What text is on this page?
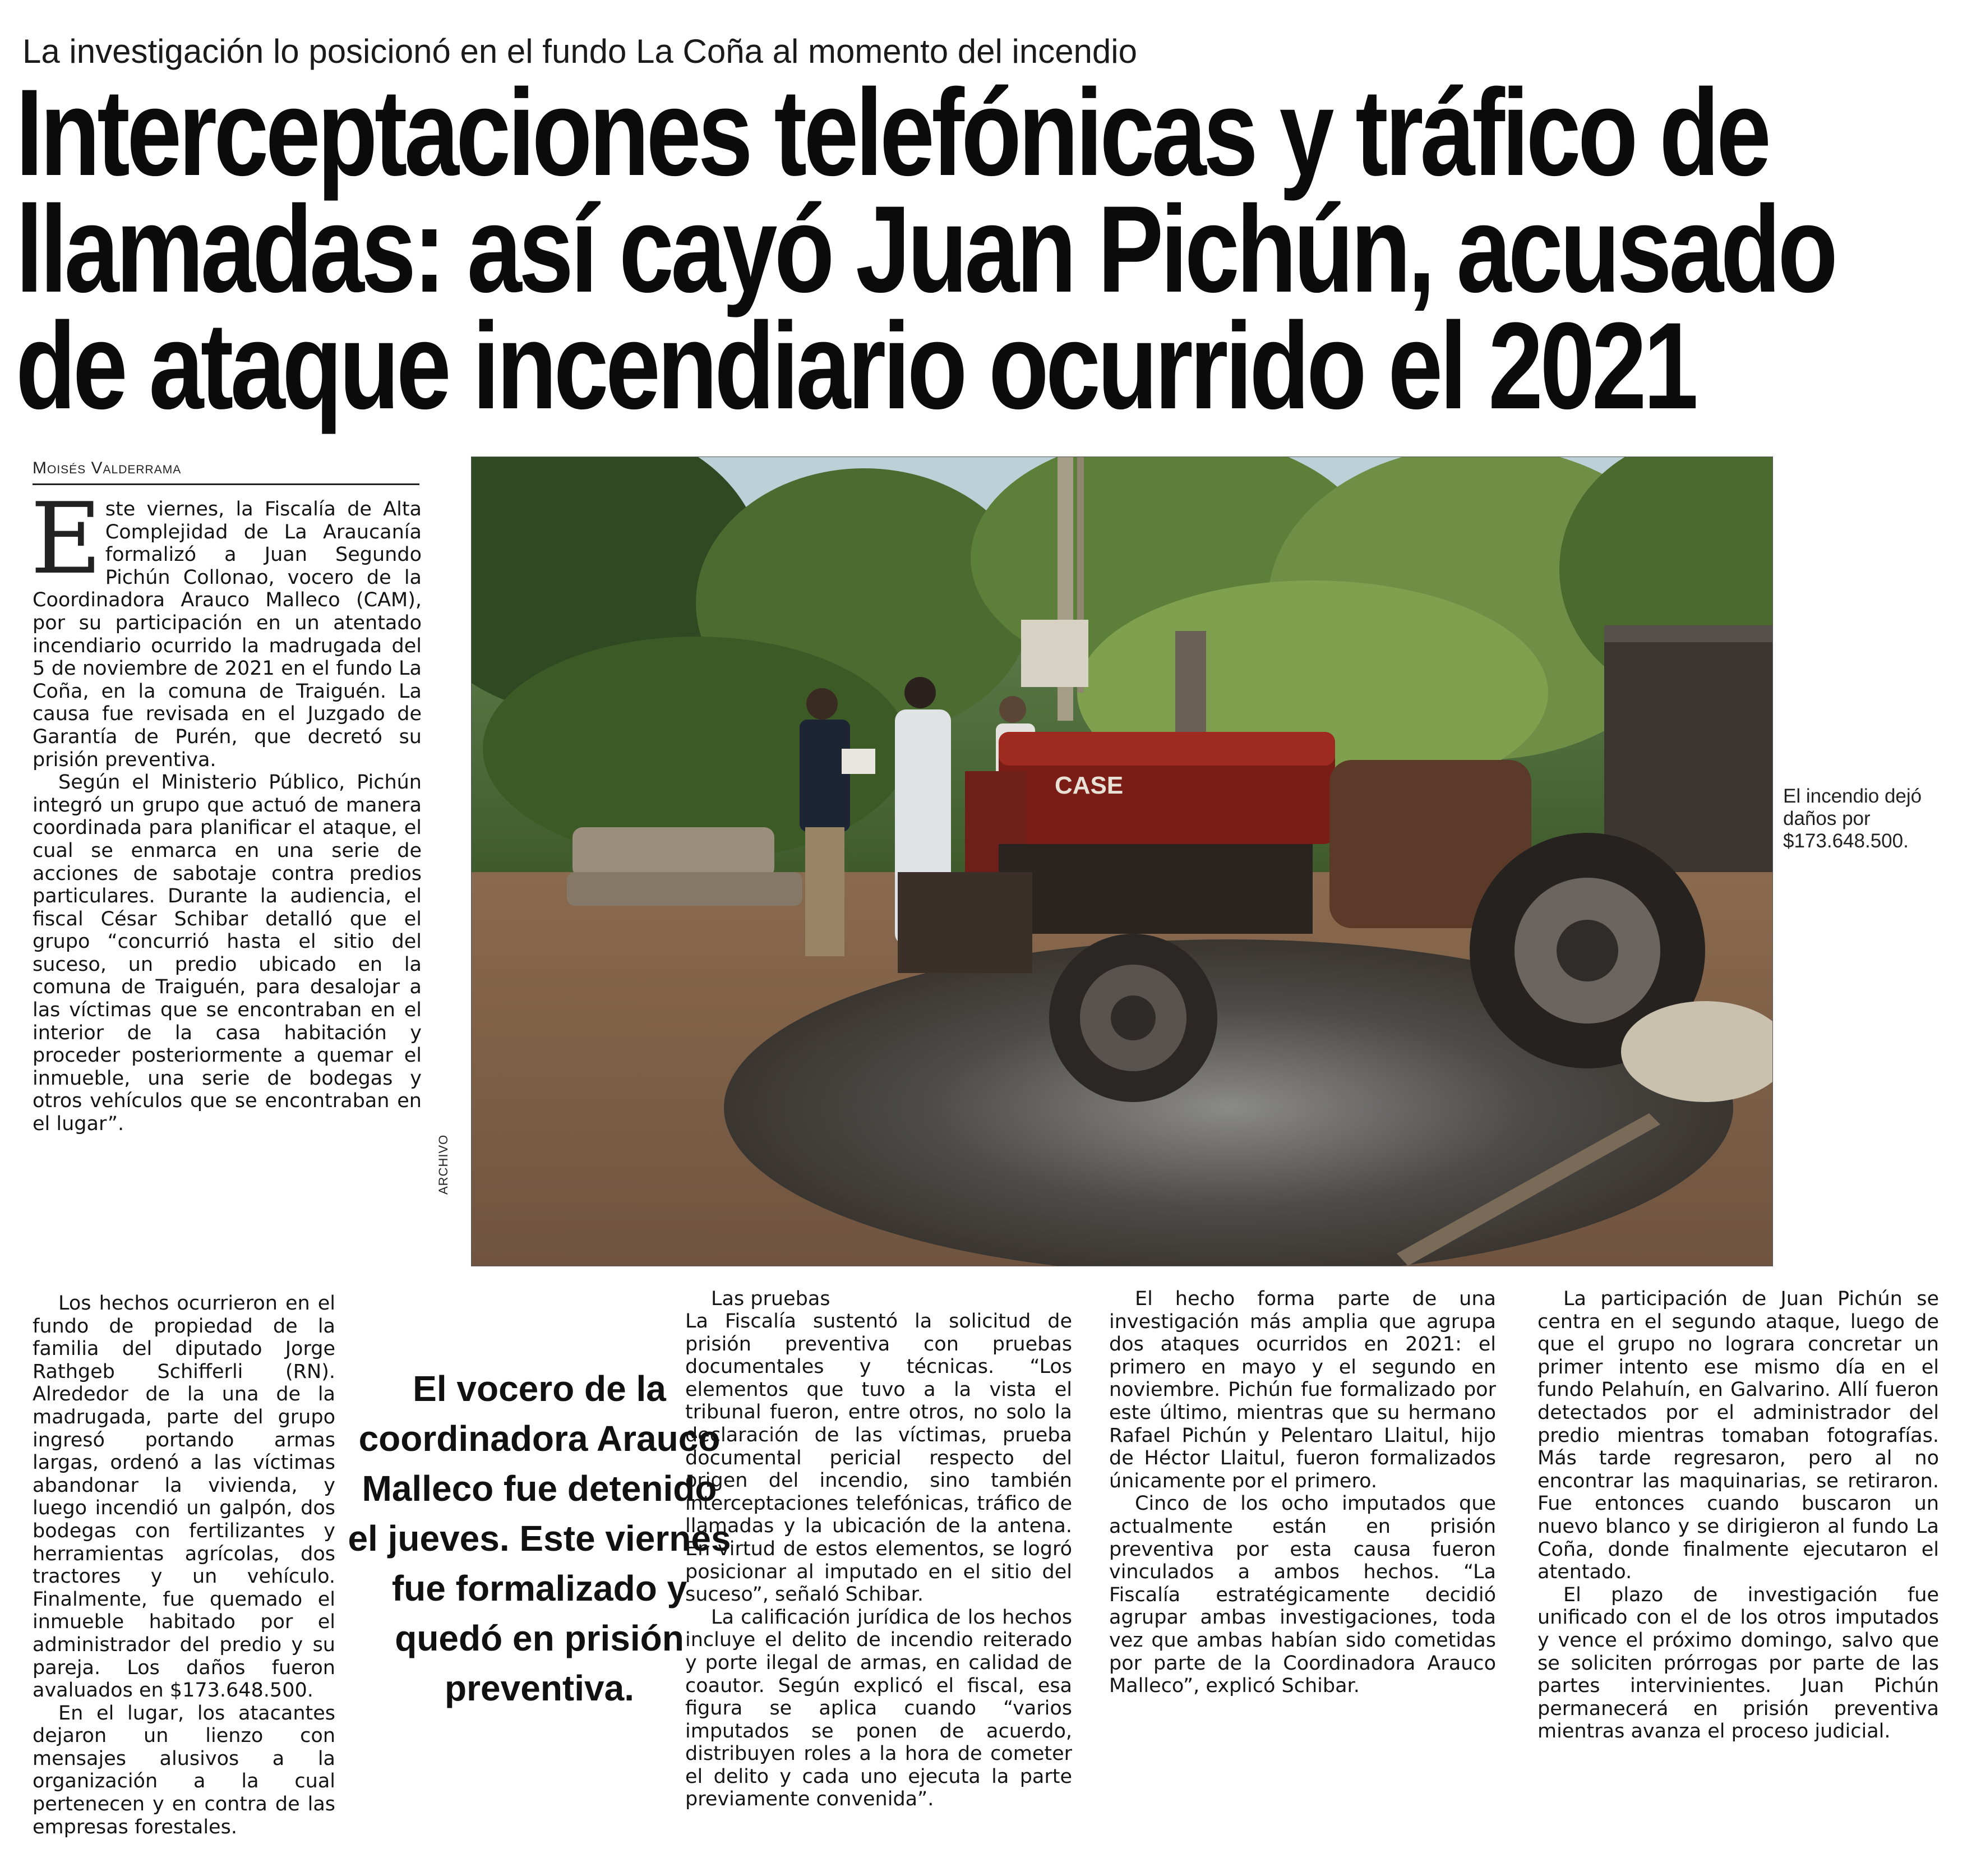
La investigación lo posicionó en el fundo La Coña al momento del incendio
Interceptaciones telefónicas y tráfico de
llamadas: así cayó Juan Pichún, acusado
de ataque incendiario ocurrido el 2021
Moisés Valderrama

Este viernes, la Fiscalía de Alta Complejidad de La Araucanía formalizó a Juan Segundo Pichún Collonao, vocero de la Coordinadora Arauco Malleco (CAM), por su participación en un atentado incendiario ocurrido la madrugada del 5 de noviembre de 2021 en el fundo La Coña, en la comuna de Traiguén. La causa fue revisada en el Juzgado de Garantía de Purén, que decretó su prisión preventiva.

Según el Ministerio Público, Pichún integró un grupo que actuó de manera coordinada para planificar el ataque, el cual se enmarca en una serie de acciones de sabotaje contra predios particulares. Durante la audiencia, el fiscal César Schibar detalló que el grupo “concurrió hasta el sitio del suceso, un predio ubicado en la comuna de Traiguén, para desalojar a las víctimas que se encontraban en el interior de la casa habitación y proceder posteriormente a quemar el inmueble, una serie de bodegas y otros vehículos que se encontraban en el lugar”.

Los hechos ocurrieron en el fundo de propiedad de la familia del diputado Jorge Rathgeb Schifferli (RN). Alrededor de la una de la madrugada, parte del grupo ingresó portando armas largas, ordenó a las víctimas abandonar la vivienda, y luego incendió un galpón, dos bodegas con fertilizantes y herramientas agrícolas, dos tractores y un vehículo. Finalmente, fue quemado el inmueble habitado por el administrador del predio y su pareja. Los daños fueron avaluados en $173.648.500.

En el lugar, los atacantes dejaron un lienzo con mensajes alusivos a la organización a la cual pertenecen y en contra de las empresas forestales.

CASE
ARCHIVO
El incendio dejó daños por $173.648.500.
El vocero de la coordinadora Arauco Malleco fue detenido el jueves. Este viernes fue formalizado y quedó en prisión preventiva.

Las pruebas

La Fiscalía sustentó la solicitud de prisión preventiva con pruebas documentales y técnicas. “Los elementos que tuvo a la vista el tribunal fueron, entre otros, no solo la declaración de las víctimas, prueba documental pericial respecto del origen del incendio, sino también interceptaciones telefónicas, tráfico de llamadas y la ubicación de la antena. En virtud de estos elementos, se logró posicionar al imputado en el sitio del suceso”, señaló Schibar.

La calificación jurídica de los hechos incluye el delito de incendio reiterado y porte ilegal de armas, en calidad de coautor. Según explicó el fiscal, esa figura se aplica cuando “varios imputados se ponen de acuerdo, distribuyen roles a la hora de cometer el delito y cada uno ejecuta la parte previamente convenida”.

El hecho forma parte de una investigación más amplia que agrupa dos ataques ocurridos en 2021: el primero en mayo y el segundo en noviembre. Pichún fue formalizado por este último, mientras que su hermano Rafael Pichún y Pelentaro Llaitul, hijo de Héctor Llaitul, fueron formalizados únicamente por el primero.

Cinco de los ocho imputados que actualmente están en prisión preventiva por esta causa fueron vinculados a ambos hechos. “La Fiscalía estratégicamente decidió agrupar ambas investigaciones, toda vez que ambas habían sido cometidas por parte de la Coordinadora Arauco Malleco”, explicó Schibar.

La participación de Juan Pichún se centra en el segundo ataque, luego de que el grupo no lograra concretar un primer intento ese mismo día en el fundo Pelahuín, en Galvarino. Allí fueron detectados por el administrador del predio mientras tomaban fotografías. Más tarde regresaron, pero al no encontrar las maquinarias, se retiraron. Fue entonces cuando buscaron un nuevo blanco y se dirigieron al fundo La Coña, donde finalmente ejecutaron el atentado.

El plazo de investigación fue unificado con el de los otros imputados y vence el próximo domingo, salvo que se soliciten prórrogas por parte de las partes intervinientes. Juan Pichún permanecerá en prisión preventiva mientras avanza el proceso judicial.
